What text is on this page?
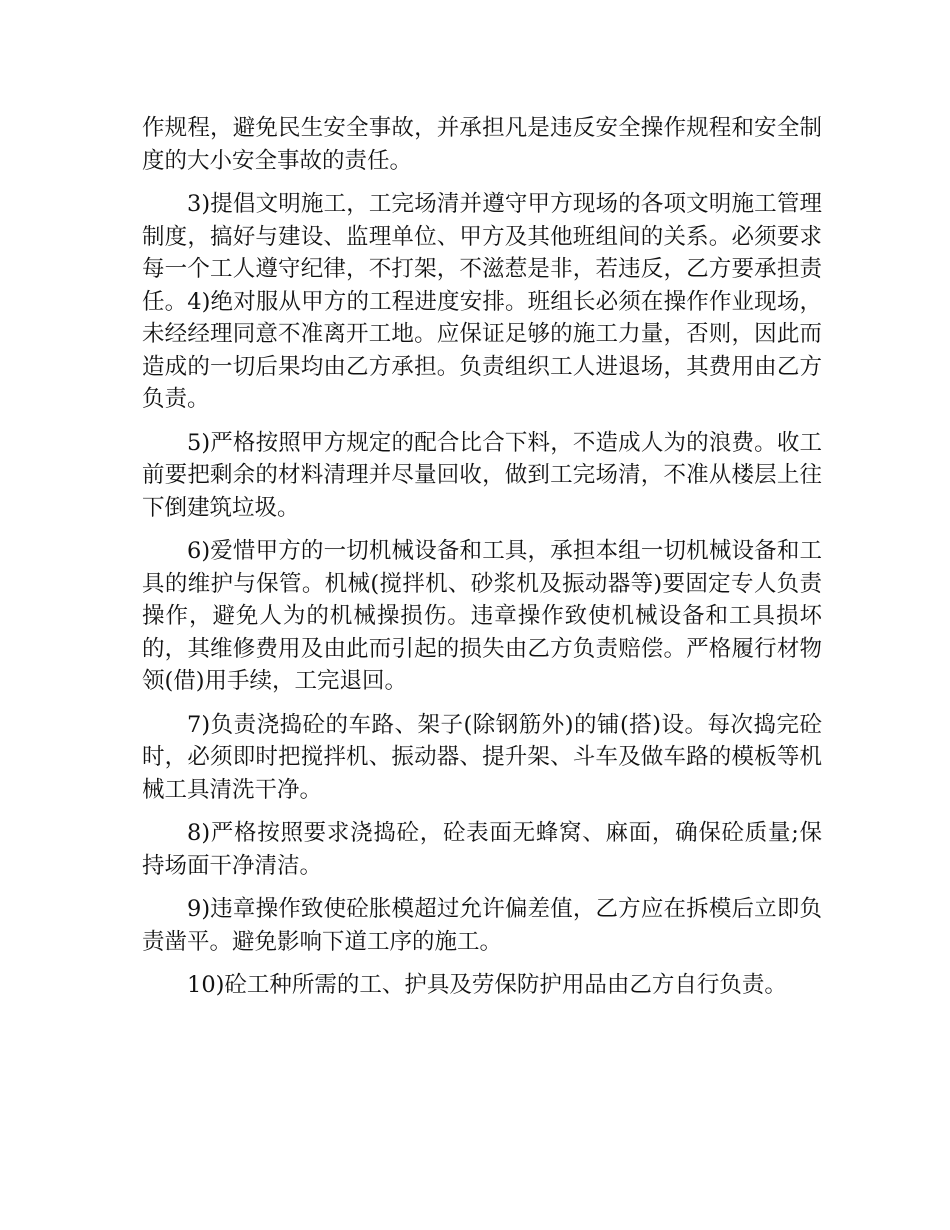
作规程，避免民生安全事故，并承担凡是违反安全操作规程和安全制度的大小安全事故的责任。

3)提倡文明施工，工完场清并遵守甲方现场的各项文明施工管理制度，搞好与建设、监理单位、甲方及其他班组间的关系。必须要求每一个工人遵守纪律，不打架，不滋惹是非，若违反，乙方要承担责任。4)绝对服从甲方的工程进度安排。班组长必须在操作作业现场，未经经理同意不准离开工地。应保证足够的施工力量，否则，因此而造成的一切后果均由乙方承担。负责组织工人进退场，其费用由乙方负责。

5)严格按照甲方规定的配合比合下料，不造成人为的浪费。收工前要把剩余的材料清理并尽量回收，做到工完场清，不准从楼层上往下倒建筑垃圾。

6)爱惜甲方的一切机械设备和工具，承担本组一切机械设备和工具的维护与保管。机械(搅拌机、砂浆机及振动器等)要固定专人负责操作，避免人为的机械操损伤。违章操作致使机械设备和工具损坏的，其维修费用及由此而引起的损失由乙方负责赔偿。严格履行材物领(借)用手续，工完退回。

7)负责浇捣砼的车路、架子(除钢筋外)的铺(搭)设。每次捣完砼时，必须即时把搅拌机、振动器、提升架、斗车及做车路的模板等机械工具清洗干净。

8)严格按照要求浇捣砼，砼表面无蜂窝、麻面，确保砼质量;保持场面干净清洁。

9)违章操作致使砼胀模超过允许偏差值，乙方应在拆模后立即负责凿平。避免影响下道工序的施工。

10)砼工种所需的工、护具及劳保防护用品由乙方自行负责。
